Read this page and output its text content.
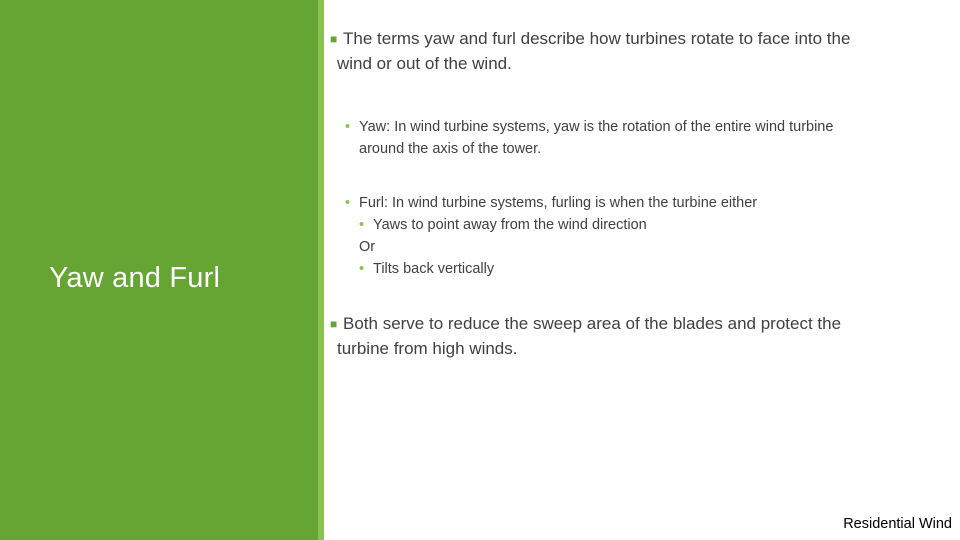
Yaw and Furl
■ The terms yaw and furl describe how turbines rotate to face into the
wind or out of the wind.
• Yaw: In wind turbine systems, yaw is the rotation of the entire wind turbine
around the axis of the tower.
• Furl: In wind turbine systems, furling is when the turbine either
• Yaws to point away from the wind direction
Or
• Tilts back vertically
■ Both serve to reduce the sweep area of the blades and protect the
turbine from high winds.
Residential Wind
